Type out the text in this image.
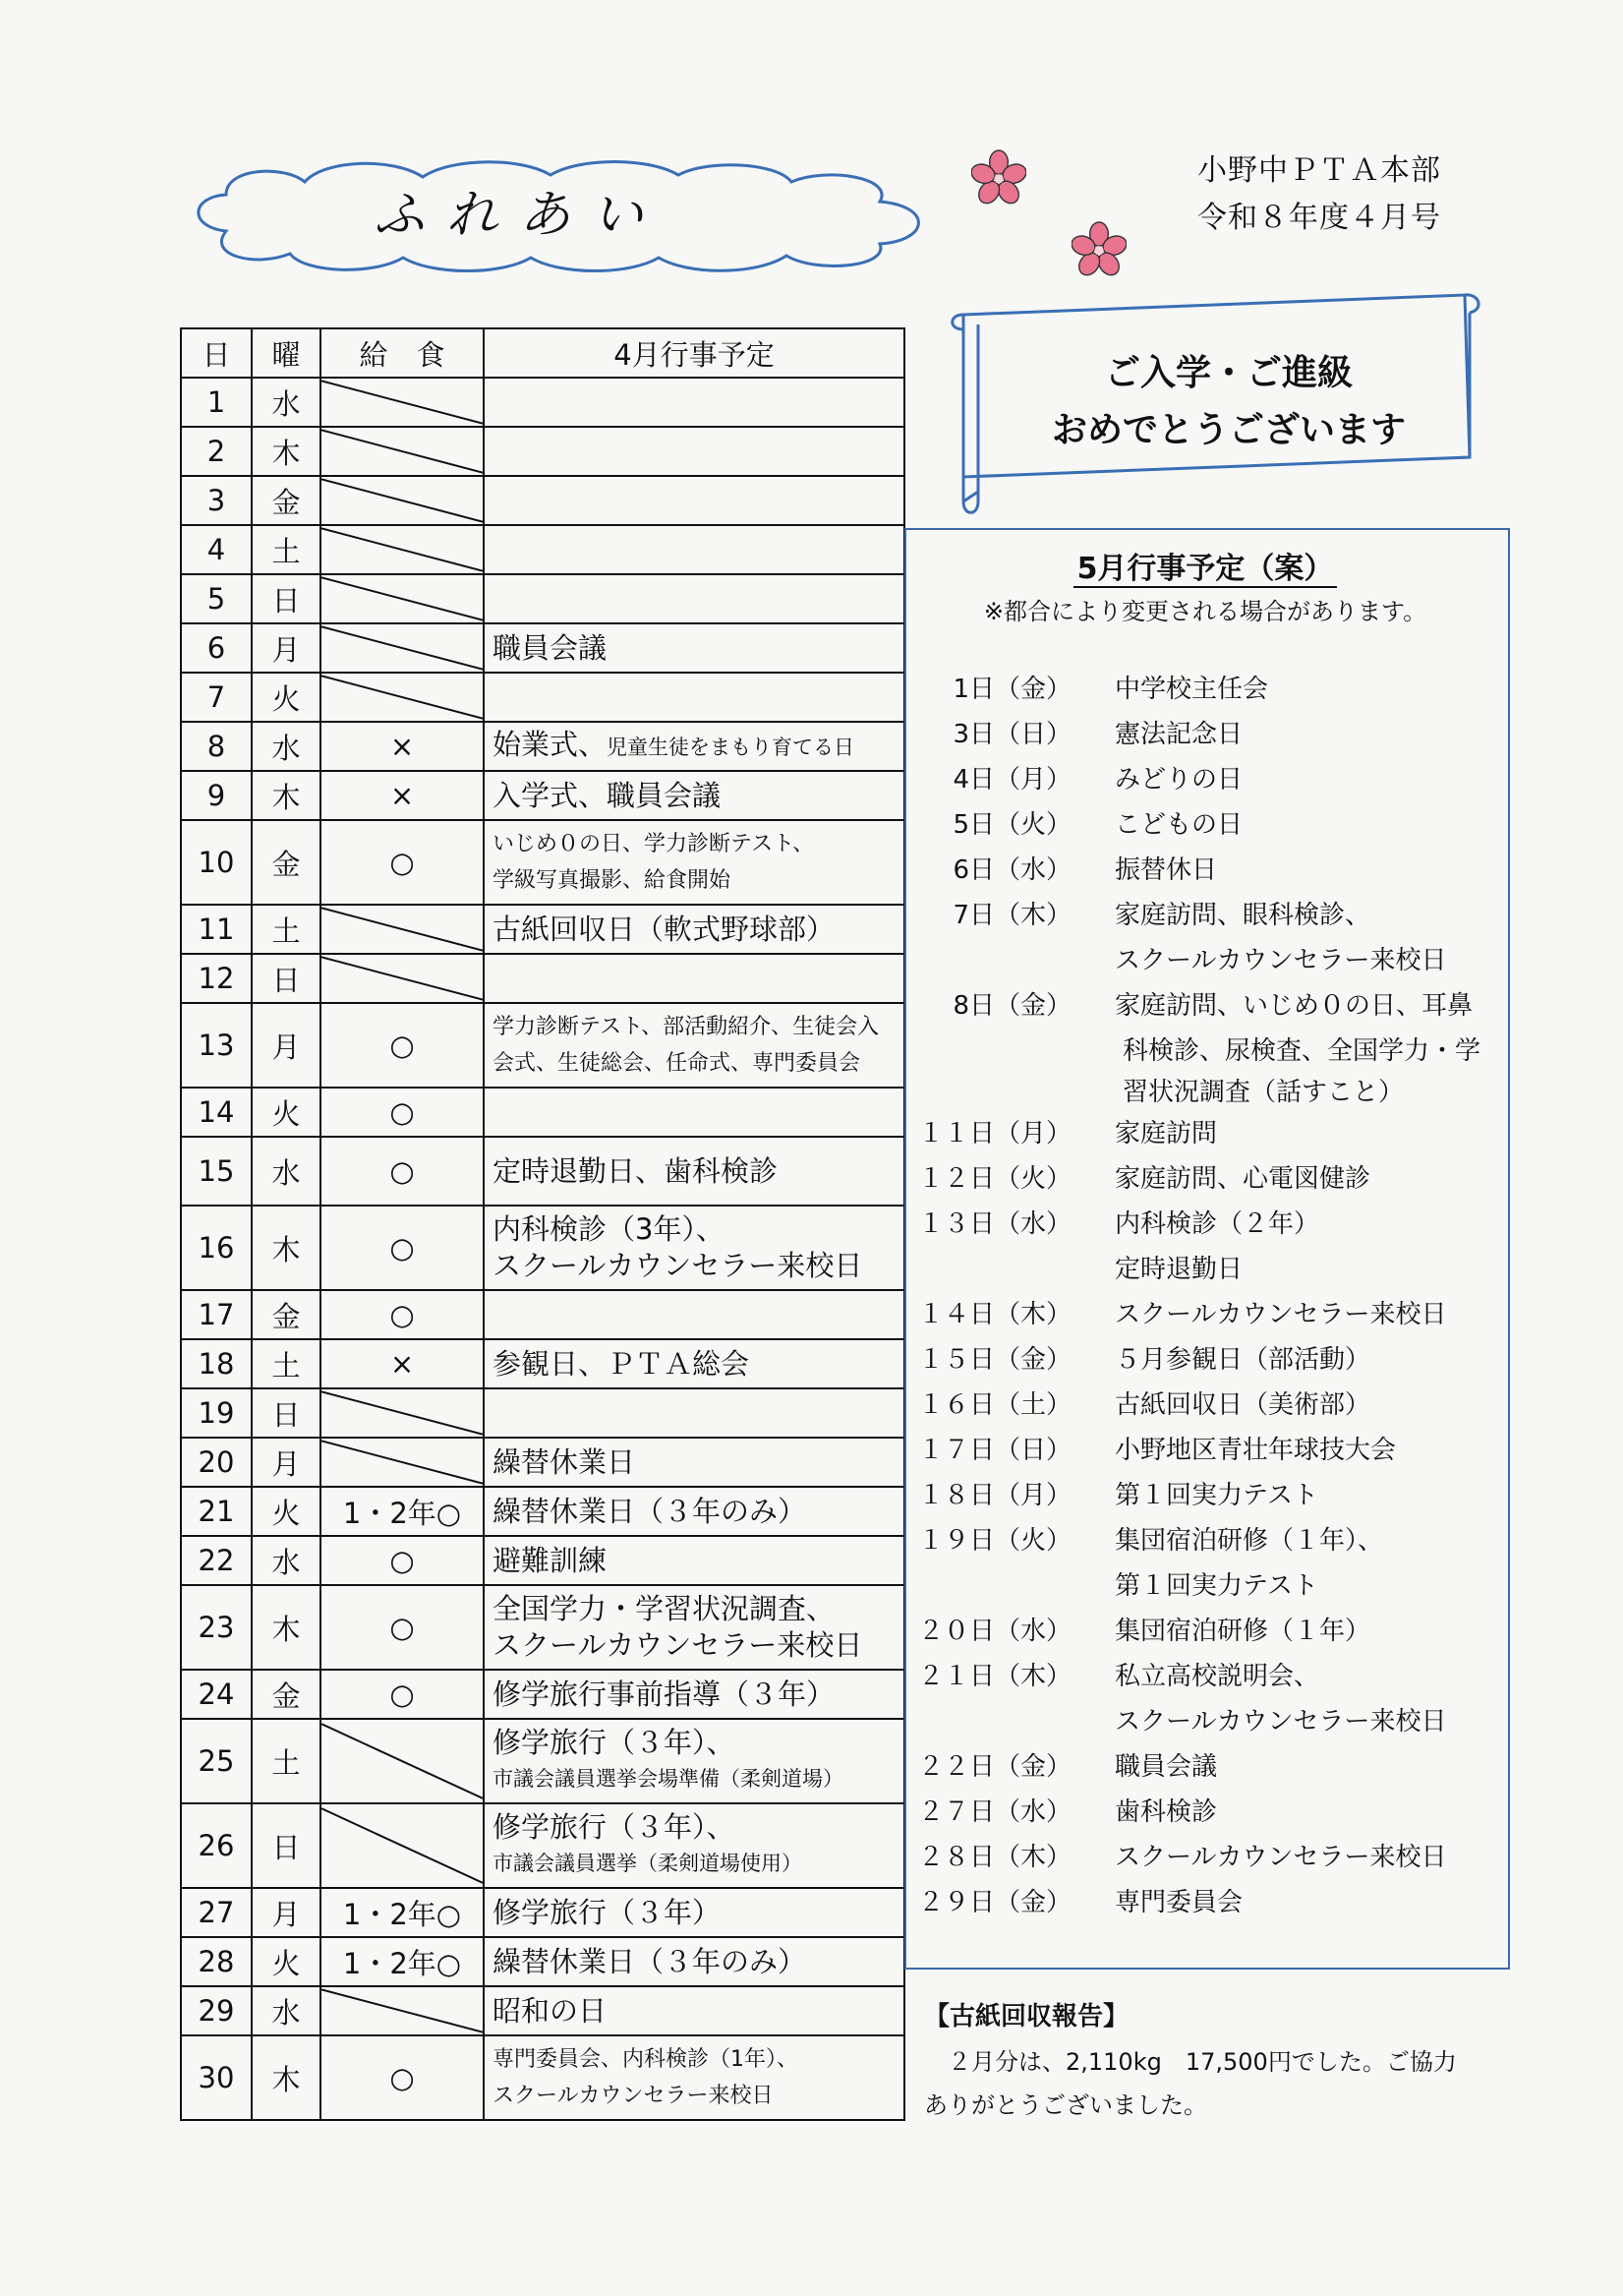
ふれあい
小野中ＰＴＡ本部
令和８年度４月号
ご入学・ご進級
おめでとうございます
日	曜	給　食	4月行事予定
1	水	

2	木	

3	金	

4	土	

5	日	

6	月		職員会議

7	火	

8	水	×	始業式、児童生徒をまもり育てる日
9	木	×	入学式、職員会議

10	金	○	いじめ０の日、学力診断テスト、
学級写真撮影、給食開始

11	土		古紙回収日（軟式野球部）

12	日	

13	月	○	学力診断テスト、部活動紹介、生徒会入
会式、生徒総会、任命式、専門委員会

14	火	○	

15	水	○	定時退勤日、歯科検診

16	木	○	内科検診（3年）、
スクールカウンセラー来校日

17	金	○	

18	土	×	参観日、ＰＴＡ総会

19	日	

20	月		繰替休業日

21	火	1・2年○	繰替休業日（３年のみ）

22	水	○	避難訓練

23	木	○	全国学力・学習状況調査、
スクールカウンセラー来校日

24	金	○	修学旅行事前指導（３年）

25	土		修学旅行（３年）、
市議会議員選挙会場準備（柔剣道場）

26	日		修学旅行（３年）、
市議会議員選挙（柔剣道場使用）

27	月	1・2年○	修学旅行（３年）

28	火	1・2年○	繰替休業日（３年のみ）

29	水		昭和の日

30	木	○	専門委員会、内科検診（1年）、
スクールカウンセラー来校日
5月行事予定（案）
※都合により変更される場合があります。
1日（金） 中学校主任会
3日（日） 憲法記念日
4日（月） みどりの日
5日（火） こどもの日
6日（水） 振替休日
7日（木） 家庭訪問、眼科検診、
スクールカウンセラー来校日
8日（金） 家庭訪問、いじめ０の日、耳鼻
科検診、尿検査、全国学力・学
習状況調査（話すこと）
１１日（月） 家庭訪問
１２日（火） 家庭訪問、心電図健診
１３日（水） 内科検診（２年）
定時退勤日
１４日（木） スクールカウンセラー来校日
１５日（金） ５月参観日（部活動）
１６日（土） 古紙回収日（美術部）
１７日（日） 小野地区青壮年球技大会
１８日（月） 第１回実力テスト
１９日（火） 集団宿泊研修（１年）、
第１回実力テスト
２０日（水） 集団宿泊研修（１年）
２１日（木） 私立高校説明会、
スクールカウンセラー来校日
２２日（金） 職員会議
２７日（水） 歯科検診
２８日（木） スクールカウンセラー来校日
２９日（金） 専門委員会
【古紙回収報告】
２月分は、2,110kg　17,500円でした。ご協力ありがとうございました。
